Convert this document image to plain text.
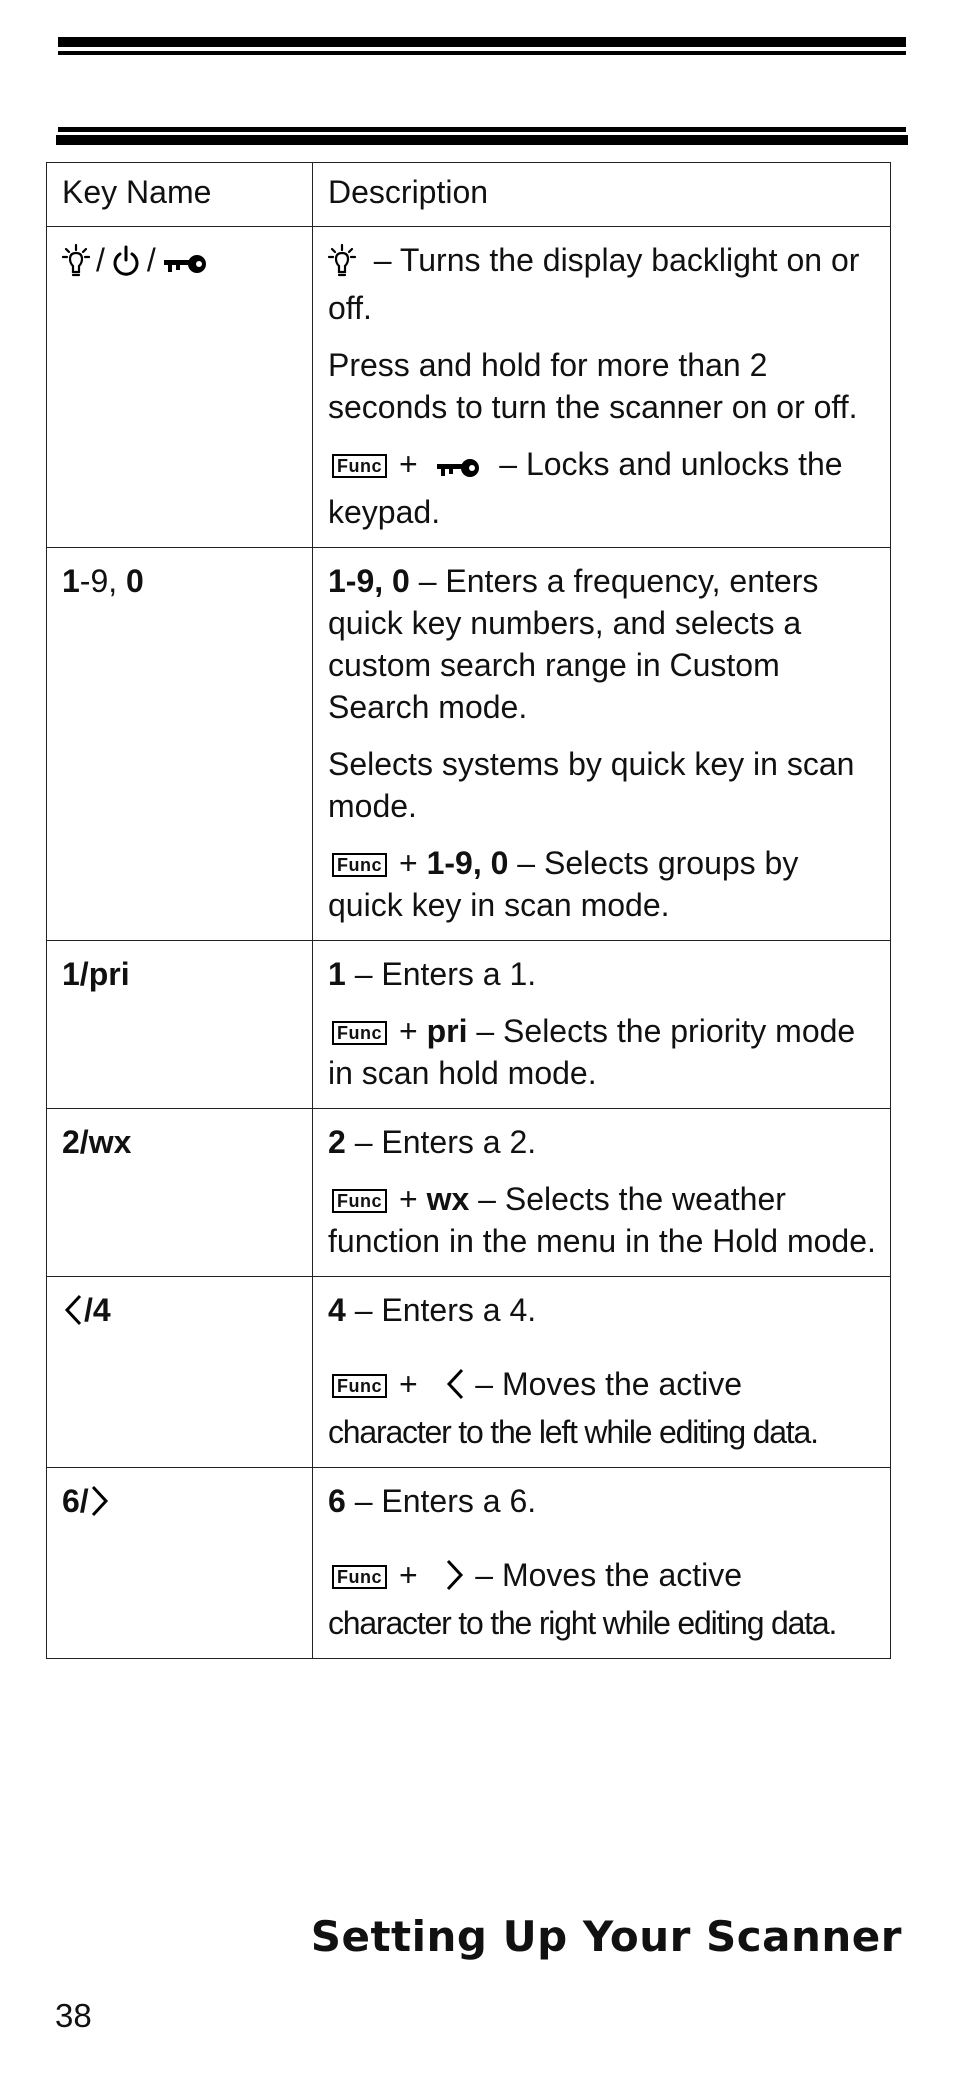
Key Name	Description
/ /	– Turns the display backlight on or off.

Press and hold for more than 2 seconds to turn the scanner on or off.

Func + – Locks and unlocks the keypad.

1-9, 0	1-9, 0 – Enters a frequency, enters quick key numbers, and selects a custom search range in Custom Search mode.

Selects systems by quick key in scan mode.

Func + 1-9, 0 – Selects groups by quick key in scan mode.

1/pri	1 – Enters a 1.

Func + pri – Selects the priority mode in scan hold mode.

2/wx	2 – Enters a 2.

Func + wx – Selects the weather function in the menu in the Hold mode.

/4	4 – Enters a 4.

Func +    – Moves the active
character to the left while editing data.

6/	6 – Enters a 6.

Func +    – Moves the active
character to the right while editing data.

Setting Up Your Scanner
38
